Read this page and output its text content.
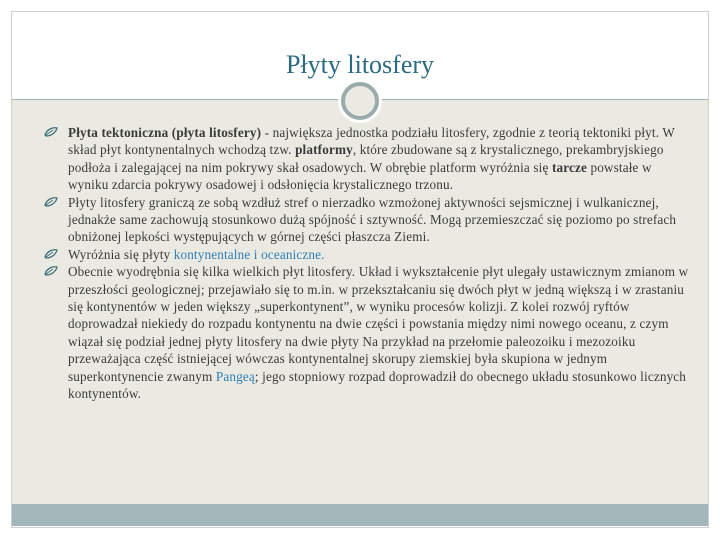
Płyty litosfery
Płyta tektoniczna (płyta litosfery) - największa jednostka podziału litosfery, zgodnie z teorią tektoniki płyt. W skład płyt kontynentalnych wchodzą tzw. platformy, które zbudowane są z krystalicznego, prekambryjskiego podłoża i zalegającej na nim pokrywy skał osadowych. W obrębie platform wyróżnia się tarcze powstałe w wyniku zdarcia pokrywy osadowej i odsłonięcia krystalicznego trzonu.
Płyty litosfery graniczą ze sobą wzdłuż stref o nierzadko wzmożonej aktywności sejsmicznej i wulkanicznej, jednakże same zachowują stosunkowo dużą spójność i sztywność. Mogą przemieszczać się poziomo po strefach obniżonej lepkości występujących w górnej części płaszcza Ziemi.
Wyróżnia się płyty kontynentalne i oceaniczne.
Obecnie wyodrębnia się kilka wielkich płyt litosfery. Układ i wykształcenie płyt ulegały ustawicznym zmianom w przeszłości geologicznej; przejawiało się to m.in. w przekształcaniu się dwóch płyt w jedną większą i w zrastaniu się kontynentów w jeden większy „superkontynent”, w wyniku procesów kolizji. Z kolei rozwój ryftów doprowadzał niekiedy do rozpadu kontynentu na dwie części i powstania między nimi nowego oceanu, z czym wiązał się podział jednej płyty litosfery na dwie płyty Na przykład na przełomie paleozoiku i mezozoiku przeważająca część istniejącej wówczas kontynentalnej skorupy ziemskiej była skupiona w jednym superkontynencie zwanym Pangeą; jego stopniowy rozpad doprowadził do obecnego układu stosunkowo licznych kontynentów.
